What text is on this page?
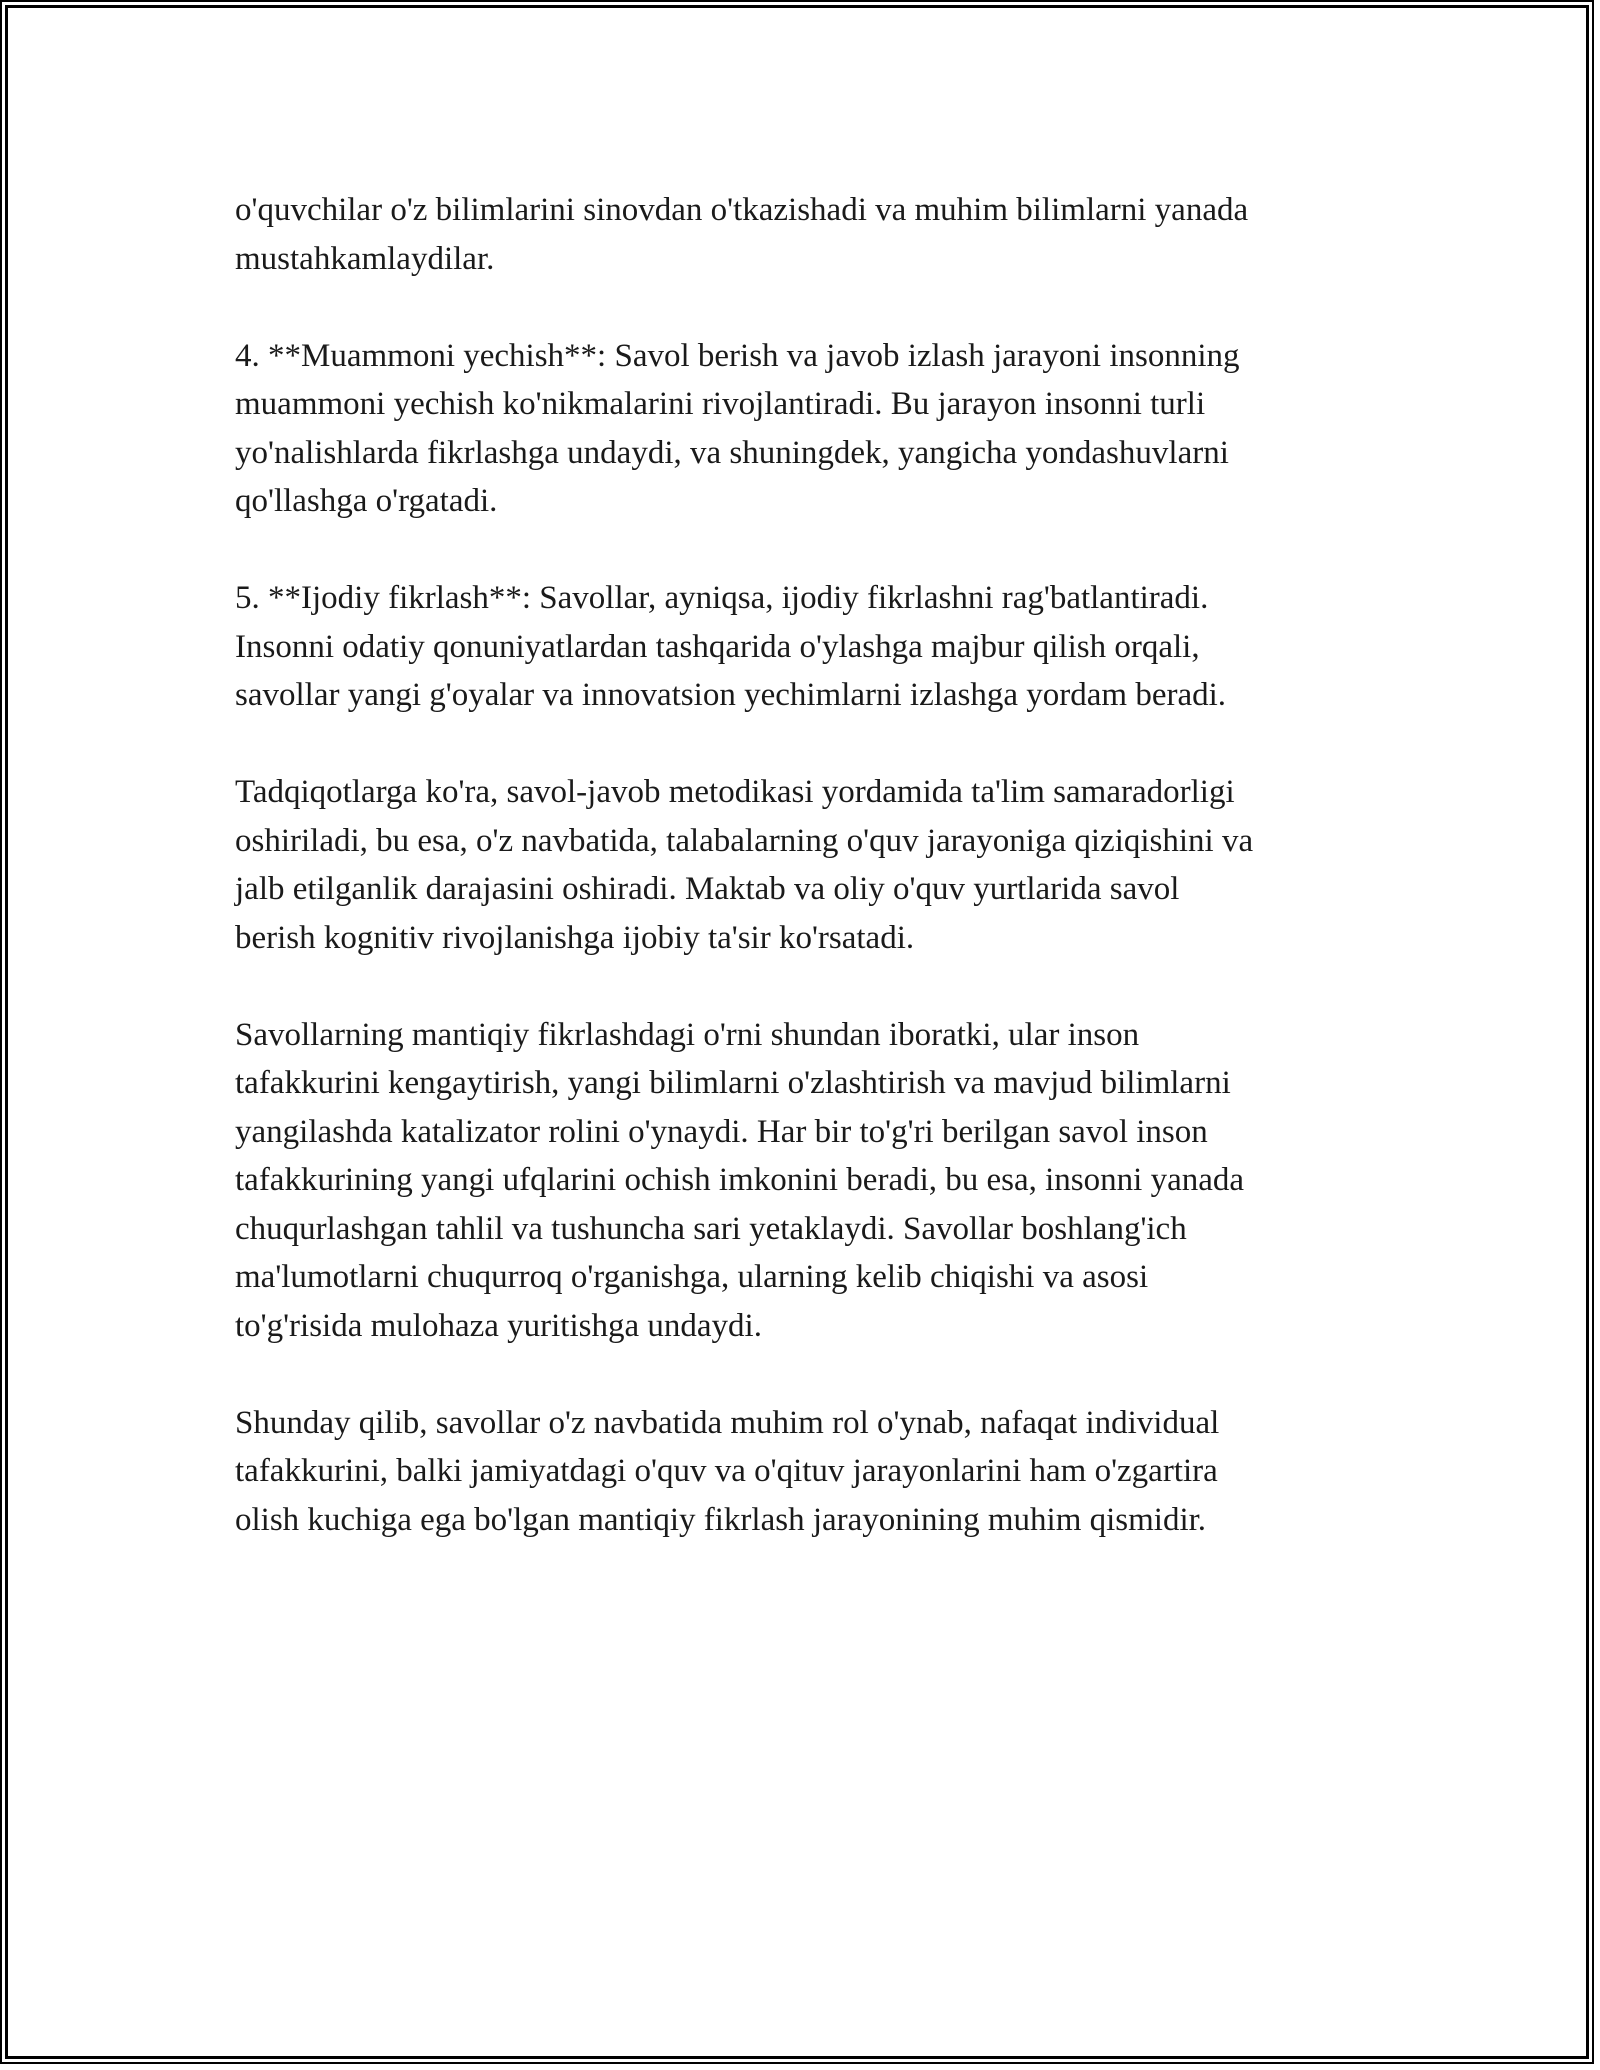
o'quvchilar o'z bilimlarini sinovdan o'tkazishadi va muhim bilimlarni yanada
mustahkamlaydilar.

4. **Muammoni yechish**: Savol berish va javob izlash jarayoni insonning
muammoni yechish ko'nikmalarini rivojlantiradi. Bu jarayon insonni turli
yo'nalishlarda fikrlashga undaydi, va shuningdek, yangicha yondashuvlarni
qo'llashga o'rgatadi.

5. **Ijodiy fikrlash**: Savollar, ayniqsa, ijodiy fikrlashni rag'batlantiradi.
Insonni odatiy qonuniyatlardan tashqarida o'ylashga majbur qilish orqali,
savollar yangi g'oyalar va innovatsion yechimlarni izlashga yordam beradi.

Tadqiqotlarga ko'ra, savol-javob metodikasi yordamida ta'lim samaradorligi
oshiriladi, bu esa, o'z navbatida, talabalarning o'quv jarayoniga qiziqishini va
jalb etilganlik darajasini oshiradi. Maktab va oliy o'quv yurtlarida savol
berish kognitiv rivojlanishga ijobiy ta'sir ko'rsatadi.

Savollarning mantiqiy fikrlashdagi o'rni shundan iboratki, ular inson
tafakkurini kengaytirish, yangi bilimlarni o'zlashtirish va mavjud bilimlarni
yangilashda katalizator rolini o'ynaydi. Har bir to'g'ri berilgan savol inson
tafakkurining yangi ufqlarini ochish imkonini beradi, bu esa, insonni yanada
chuqurlashgan tahlil va tushuncha sari yetaklaydi. Savollar boshlang'ich
ma'lumotlarni chuqurroq o'rganishga, ularning kelib chiqishi va asosi
to'g'risida mulohaza yuritishga undaydi.

Shunday qilib, savollar o'z navbatida muhim rol o'ynab, nafaqat individual
tafakkurini, balki jamiyatdagi o'quv va o'qituv jarayonlarini ham o'zgartira
olish kuchiga ega bo'lgan mantiqiy fikrlash jarayonining muhim qismidir.
